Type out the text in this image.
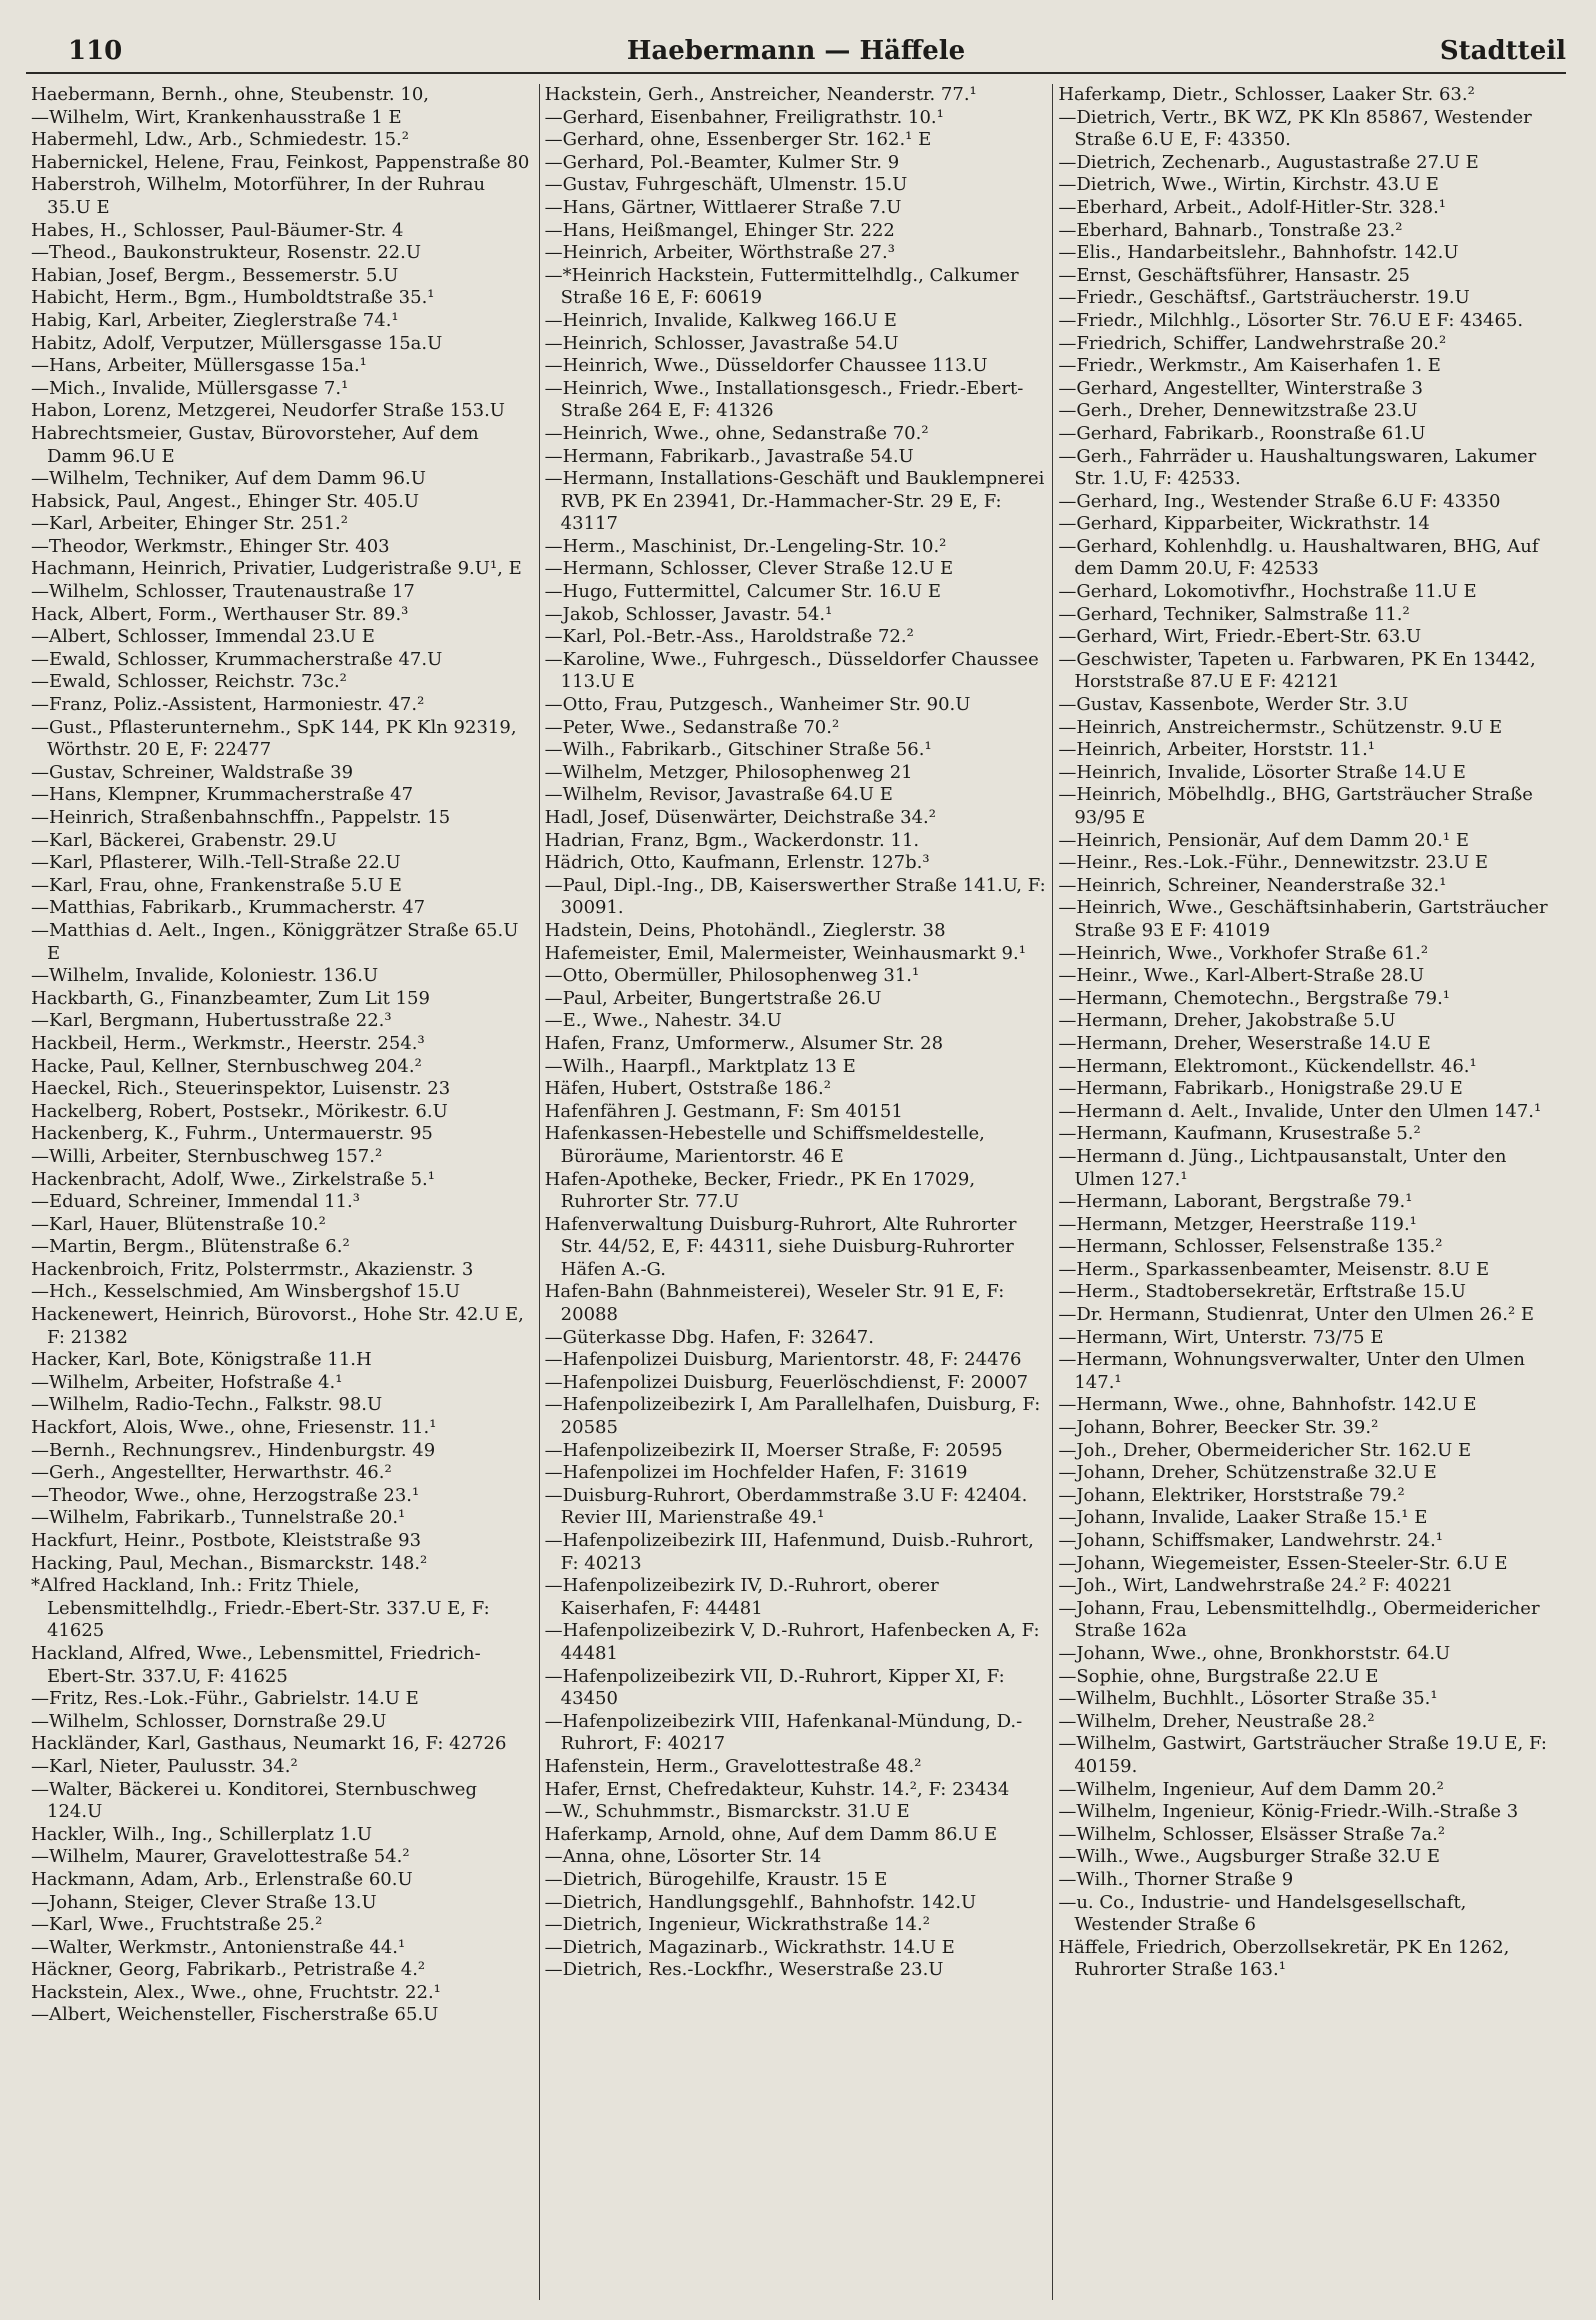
Haebermann — Häffele
110	Stadtteil
Haebermann, Bernh., ohne, Steubenstr. 10,
—Wilhelm, Wirt, Krankenhausstraße 1 E
Habermehl, Ldw., Arb., Schmiedestr. 15.²
Habernickel, Helene, Frau, Feinkost, Pappenstraße 80
Haberstroh, Wilhelm, Motorführer, In der Ruhrau 35.U E
Habes, H., Schlosser, Paul-Bäumer-Str. 4
—Theod., Baukonstrukteur, Rosenstr. 22.U
Habian, Josef, Bergm., Bessemerstr. 5.U
Habicht, Herm., Bgm., Humboldtstraße 35.¹
Habig, Karl, Arbeiter, Zieglerstraße 74.¹
Habitz, Adolf, Verputzer, Müllersgasse 15a.U
—Hans, Arbeiter, Müllersgasse 15a.¹
—Mich., Invalide, Müllersgasse 7.¹
Habon, Lorenz, Metzgerei, Neudorfer Straße 153.U
Habrechtsmeier, Gustav, Bürovorsteher, Auf dem Damm 96.U E
—Wilhelm, Techniker, Auf dem Damm 96.U
Habsick, Paul, Angest., Ehinger Str. 405.U
—Karl, Arbeiter, Ehinger Str. 251.²
—Theodor, Werkmstr., Ehinger Str. 403
Hachmann, Heinrich, Privatier, Ludgeristraße 9.U¹, E
—Wilhelm, Schlosser, Trautenaustraße 17
Hack, Albert, Form., Werthauser Str. 89.³
—Albert, Schlosser, Immendal 23.U E
—Ewald, Schlosser, Krummacherstraße 47.U
—Ewald, Schlosser, Reichstr. 73c.²
—Franz, Poliz.-Assistent, Harmoniestr. 47.²
—Gust., Pflasterunternehm., SpK 144, PK Kln 92319, Wörthstr. 20 E, F: 22477
—Gustav, Schreiner, Waldstraße 39
—Hans, Klempner, Krummacherstraße 47
—Heinrich, Straßenbahnschffn., Pappelstr. 15
—Karl, Bäckerei, Grabenstr. 29.U
—Karl, Pflasterer, Wilh.-Tell-Straße 22.U
—Karl, Frau, ohne, Frankenstraße 5.U E
—Matthias, Fabrikarb., Krummacherstr. 47
—Matthias d. Aelt., Ingen., Königgrätzer Straße 65.U E
—Wilhelm, Invalide, Koloniestr. 136.U
Hackbarth, G., Finanzbeamter, Zum Lit 159
—Karl, Bergmann, Hubertusstraße 22.³
Hackbeil, Herm., Werkmstr., Heerstr. 254.³
Hacke, Paul, Kellner, Sternbuschweg 204.²
Haeckel, Rich., Steuerinspektor, Luisenstr. 23
Hackelberg, Robert, Postsekr., Mörikestr. 6.U
Hackenberg, K., Fuhrm., Untermauerstr. 95
—Willi, Arbeiter, Sternbuschweg 157.²
Hackenbracht, Adolf, Wwe., Zirkelstraße 5.¹
—Eduard, Schreiner, Immendal 11.³
—Karl, Hauer, Blütenstraße 10.²
—Martin, Bergm., Blütenstraße 6.²
Hackenbroich, Fritz, Polsterrmstr., Akazienstr. 3
—Hch., Kesselschmied, Am Winsbergshof 15.U
Hackenewert, Heinrich, Bürovorst., Hohe Str. 42.U E, F: 21382
Hacker, Karl, Bote, Königstraße 11.H
—Wilhelm, Arbeiter, Hofstraße 4.¹
—Wilhelm, Radio-Techn., Falkstr. 98.U
Hackfort, Alois, Wwe., ohne, Friesenstr. 11.¹
—Bernh., Rechnungsrev., Hindenburgstr. 49
—Gerh., Angestellter, Herwarthstr. 46.²
—Theodor, Wwe., ohne, Herzogstraße 23.¹
—Wilhelm, Fabrikarb., Tunnelstraße 20.¹
Hackfurt, Heinr., Postbote, Kleiststraße 93
Hacking, Paul, Mechan., Bismarckstr. 148.²
*Alfred Hackland, Inh.: Fritz Thiele, Lebensmittelhdlg., Friedr.-Ebert-Str. 337.U E, F: 41625
Hackland, Alfred, Wwe., Lebensmittel, Friedrich-Ebert-Str. 337.U, F: 41625
—Fritz, Res.-Lok.-Führ., Gabrielstr. 14.U E
—Wilhelm, Schlosser, Dornstraße 29.U
Hackländer, Karl, Gasthaus, Neumarkt 16, F: 42726
—Karl, Nieter, Paulusstr. 34.²
—Walter, Bäckerei u. Konditorei, Sternbuschweg 124.U
Hackler, Wilh., Ing., Schillerplatz 1.U
—Wilhelm, Maurer, Gravelottestraße 54.²
Hackmann, Adam, Arb., Erlenstraße 60.U
—Johann, Steiger, Clever Straße 13.U
—Karl, Wwe., Fruchtstraße 25.²
—Walter, Werkmstr., Antonienstraße 44.¹
Häckner, Georg, Fabrikarb., Petristraße 4.²
Hackstein, Alex., Wwe., ohne, Fruchtstr. 22.¹
—Albert, Weichensteller, Fischerstraße 65.U
Hackstein, Gerh., Anstreicher, Neanderstr. 77.¹
—Gerhard, Eisenbahner, Freiligrathstr. 10.¹
—Gerhard, ohne, Essenberger Str. 162.¹ E
—Gerhard, Pol.-Beamter, Kulmer Str. 9
—Gustav, Fuhrgeschäft, Ulmenstr. 15.U
—Hans, Gärtner, Wittlaerer Straße 7.U
—Hans, Heißmangel, Ehinger Str. 222
—Heinrich, Arbeiter, Wörthstraße 27.³
—*Heinrich Hackstein, Futtermittelhdlg., Calkumer Straße 16 E, F: 60619
—Heinrich, Invalide, Kalkweg 166.U E
—Heinrich, Schlosser, Javastraße 54.U
—Heinrich, Wwe., Düsseldorfer Chaussee 113.U
—Heinrich, Wwe., Installationsgesch., Friedr.-Ebert-Straße 264 E, F: 41326
—Heinrich, Wwe., ohne, Sedanstraße 70.²
—Hermann, Fabrikarb., Javastraße 54.U
—Hermann, Installations-Geschäft und Bauklempnerei RVB, PK En 23941, Dr.-Hammacher-Str. 29 E, F: 43117
—Herm., Maschinist, Dr.-Lengeling-Str. 10.²
—Hermann, Schlosser, Clever Straße 12.U E
—Hugo, Futtermittel, Calcumer Str. 16.U E
—Jakob, Schlosser, Javastr. 54.¹
—Karl, Pol.-Betr.-Ass., Haroldstraße 72.²
—Karoline, Wwe., Fuhrgesch., Düsseldorfer Chaussee 113.U E
—Otto, Frau, Putzgesch., Wanheimer Str. 90.U
—Peter, Wwe., Sedanstraße 70.²
—Wilh., Fabrikarb., Gitschiner Straße 56.¹
—Wilhelm, Metzger, Philosophenweg 21
—Wilhelm, Revisor, Javastraße 64.U E
Hadl, Josef, Düsenwärter, Deichstraße 34.²
Hadrian, Franz, Bgm., Wackerdonstr. 11.
Hädrich, Otto, Kaufmann, Erlenstr. 127b.³
—Paul, Dipl.-Ing., DB, Kaiserswerther Straße 141.U, F: 30091.
Hadstein, Deins, Photohändl., Zieglerstr. 38
Hafemeister, Emil, Malermeister, Weinhausmarkt 9.¹
—Otto, Obermüller, Philosophenweg 31.¹
—Paul, Arbeiter, Bungertstraße 26.U
—E., Wwe., Nahestr. 34.U
Hafen, Franz, Umformerw., Alsumer Str. 28
—Wilh., Haarpfl., Marktplatz 13 E
Häfen, Hubert, Oststraße 186.²
Hafenfähren J. Gestmann, F: Sm 40151
Hafenkassen-Hebestelle und Schiffsmeldestelle, Büroräume, Marientorstr. 46 E
Hafen-Apotheke, Becker, Friedr., PK En 17029, Ruhrorter Str. 77.U
Hafenverwaltung Duisburg-Ruhrort, Alte Ruhrorter Str. 44/52, E, F: 44311, siehe Duisburg-Ruhrorter Häfen A.-G.
Hafen-Bahn (Bahnmeisterei), Weseler Str. 91 E, F: 20088
—Güterkasse Dbg. Hafen, F: 32647.
—Hafenpolizei Duisburg, Marientorstr. 48, F: 24476
—Hafenpolizei Duisburg, Feuerlöschdienst, F: 20007
—Hafenpolizeibezirk I, Am Parallelhafen, Duisburg, F: 20585
—Hafenpolizeibezirk II, Moerser Straße, F: 20595
—Hafenpolizei im Hochfelder Hafen, F: 31619
—Duisburg-Ruhrort, Oberdammstraße 3.U F: 42404. Revier III, Marienstraße 49.¹
—Hafenpolizeibezirk III, Hafenmund, Duisb.-Ruhrort, F: 40213
—Hafenpolizeibezirk IV, D.-Ruhrort, oberer Kaiserhafen, F: 44481
—Hafenpolizeibezirk V, D.-Ruhrort, Hafenbecken A, F: 44481
—Hafenpolizeibezirk VII, D.-Ruhrort, Kipper XI, F: 43450
—Hafenpolizeibezirk VIII, Hafenkanal-Mündung, D.-Ruhrort, F: 40217
Hafenstein, Herm., Gravelottestraße 48.²
Hafer, Ernst, Chefredakteur, Kuhstr. 14.², F: 23434
—W., Schuhmmstr., Bismarckstr. 31.U E
Haferkamp, Arnold, ohne, Auf dem Damm 86.U E
—Anna, ohne, Lösorter Str. 14
—Dietrich, Bürogehilfe, Kraustr. 15 E
—Dietrich, Handlungsgehlf., Bahnhofstr. 142.U
—Dietrich, Ingenieur, Wickrathstraße 14.²
—Dietrich, Magazinarb., Wickrathstr. 14.U E
—Dietrich, Res.-Lockfhr., Weserstraße 23.U
Haferkamp, Dietr., Schlosser, Laaker Str. 63.²
—Dietrich, Vertr., BK WZ, PK Kln 85867, Westender Straße 6.U E, F: 43350.
—Dietrich, Zechenarb., Augustastraße 27.U E
—Dietrich, Wwe., Wirtin, Kirchstr. 43.U E
—Eberhard, Arbeit., Adolf-Hitler-Str. 328.¹
—Eberhard, Bahnarb., Tonstraße 23.²
—Elis., Handarbeitslehr., Bahnhofstr. 142.U
—Ernst, Geschäftsführer, Hansastr. 25
—Friedr., Geschäftsf., Gartsträucherstr. 19.U
—Friedr., Milchhlg., Lösorter Str. 76.U E F: 43465.
—Friedrich, Schiffer, Landwehrstraße 20.²
—Friedr., Werkmstr., Am Kaiserhafen 1. E
—Gerhard, Angestellter, Winterstraße 3
—Gerh., Dreher, Dennewitzstraße 23.U
—Gerhard, Fabrikarb., Roonstraße 61.U
—Gerh., Fahrräder u. Haushaltungswaren, Lakumer Str. 1.U, F: 42533.
—Gerhard, Ing., Westender Straße 6.U F: 43350
—Gerhard, Kipparbeiter, Wickrathstr. 14
—Gerhard, Kohlenhdlg. u. Haushaltwaren, BHG, Auf dem Damm 20.U, F: 42533
—Gerhard, Lokomotivfhr., Hochstraße 11.U E
—Gerhard, Techniker, Salmstraße 11.²
—Gerhard, Wirt, Friedr.-Ebert-Str. 63.U
—Geschwister, Tapeten u. Farbwaren, PK En 13442, Horststraße 87.U E F: 42121
—Gustav, Kassenbote, Werder Str. 3.U
—Heinrich, Anstreichermstr., Schützenstr. 9.U E
—Heinrich, Arbeiter, Horststr. 11.¹
—Heinrich, Invalide, Lösorter Straße 14.U E
—Heinrich, Möbelhdlg., BHG, Gartsträucher Straße 93/95 E
—Heinrich, Pensionär, Auf dem Damm 20.¹ E
—Heinr., Res.-Lok.-Führ., Dennewitzstr. 23.U E
—Heinrich, Schreiner, Neanderstraße 32.¹
—Heinrich, Wwe., Geschäftsinhaberin, Gartsträucher Straße 93 E F: 41019
—Heinrich, Wwe., Vorkhofer Straße 61.²
—Heinr., Wwe., Karl-Albert-Straße 28.U
—Hermann, Chemotechn., Bergstraße 79.¹
—Hermann, Dreher, Jakobstraße 5.U
—Hermann, Dreher, Weserstraße 14.U E
—Hermann, Elektromont., Kückendellstr. 46.¹
—Hermann, Fabrikarb., Honigstraße 29.U E
—Hermann d. Aelt., Invalide, Unter den Ulmen 147.¹
—Hermann, Kaufmann, Krusestraße 5.²
—Hermann d. Jüng., Lichtpausanstalt, Unter den Ulmen 127.¹
—Hermann, Laborant, Bergstraße 79.¹
—Hermann, Metzger, Heerstraße 119.¹
—Hermann, Schlosser, Felsenstraße 135.²
—Herm., Sparkassenbeamter, Meisenstr. 8.U E
—Herm., Stadtobersekretär, Erftstraße 15.U
—Dr. Hermann, Studienrat, Unter den Ulmen 26.² E
—Hermann, Wirt, Unterstr. 73/75 E
—Hermann, Wohnungsverwalter, Unter den Ulmen 147.¹
—Hermann, Wwe., ohne, Bahnhofstr. 142.U E
—Johann, Bohrer, Beecker Str. 39.²
—Joh., Dreher, Obermeidericher Str. 162.U E
—Johann, Dreher, Schützenstraße 32.U E
—Johann, Elektriker, Horststraße 79.²
—Johann, Invalide, Laaker Straße 15.¹ E
—Johann, Schiffsmaker, Landwehrstr. 24.¹
—Johann, Wiegemeister, Essen-Steeler-Str. 6.U E
—Joh., Wirt, Landwehrstraße 24.² F: 40221
—Johann, Frau, Lebensmittelhdlg., Obermeidericher Straße 162a
—Johann, Wwe., ohne, Bronkhorststr. 64.U
—Sophie, ohne, Burgstraße 22.U E
—Wilhelm, Buchhlt., Lösorter Straße 35.¹
—Wilhelm, Dreher, Neustraße 28.²
—Wilhelm, Gastwirt, Gartsträucher Straße 19.U E, F: 40159.
—Wilhelm, Ingenieur, Auf dem Damm 20.²
—Wilhelm, Ingenieur, König-Friedr.-Wilh.-Straße 3
—Wilhelm, Schlosser, Elsässer Straße 7a.²
—Wilh., Wwe., Augsburger Straße 32.U E
—Wilh., Thorner Straße 9
—u. Co., Industrie- und Handelsgesellschaft, Westender Straße 6
Häffele, Friedrich, Oberzollsekretär, PK En 1262, Ruhrorter Straße 163.¹
